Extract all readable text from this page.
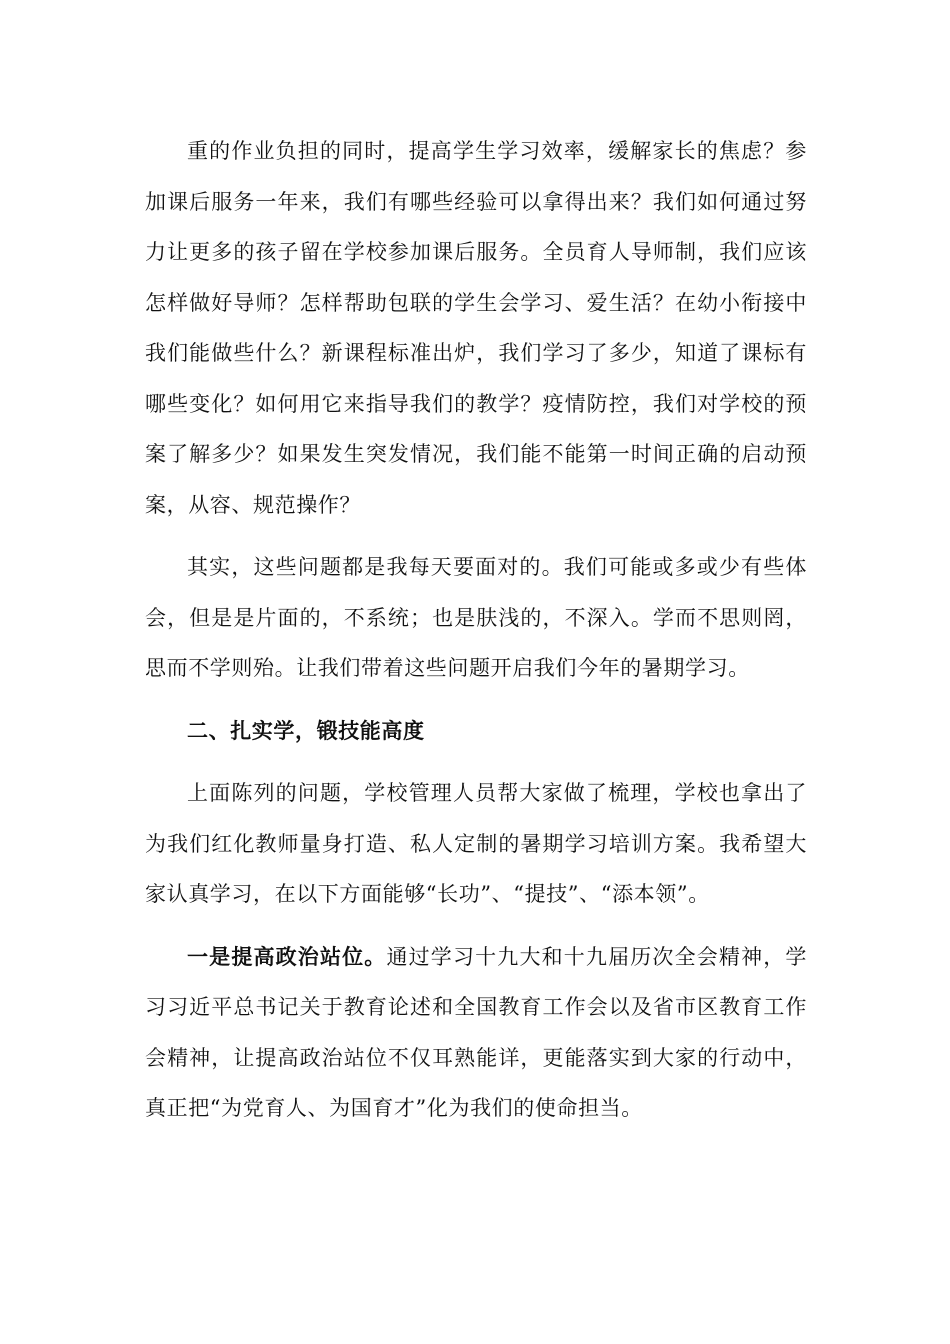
重的作业负担的同时，提高学生学习效率，缓解家长的焦虑？参加课后服务一年来，我们有哪些经验可以拿得出来？我们如何通过努力让更多的孩子留在学校参加课后服务。全员育人导师制，我们应该怎样做好导师？怎样帮助包联的学生会学习、爱生活？在幼小衔接中我们能做些什么？新课程标准出炉，我们学习了多少，知道了课标有哪些变化？如何用它来指导我们的教学？疫情防控，我们对学校的预案了解多少？如果发生突发情况，我们能不能第一时间正确的启动预案，从容、规范操作？

其实，这些问题都是我每天要面对的。我们可能或多或少有些体会，但是是片面的，不系统；也是肤浅的，不深入。学而不思则罔，思而不学则殆。让我们带着这些问题开启我们今年的暑期学习。

二、扎实学，锻技能高度

上面陈列的问题，学校管理人员帮大家做了梳理，学校也拿出了为我们红化教师量身打造、私人定制的暑期学习培训方案。我希望大家认真学习，在以下方面能够“长功”、“提技”、“添本领”。

一是提高政治站位。通过学习十九大和十九届历次全会精神，学习习近平总书记关于教育论述和全国教育工作会以及省市区教育工作会精神，让提高政治站位不仅耳熟能详，更能落实到大家的行动中，真正把“为党育人、为国育才”化为我们的使命担当。
